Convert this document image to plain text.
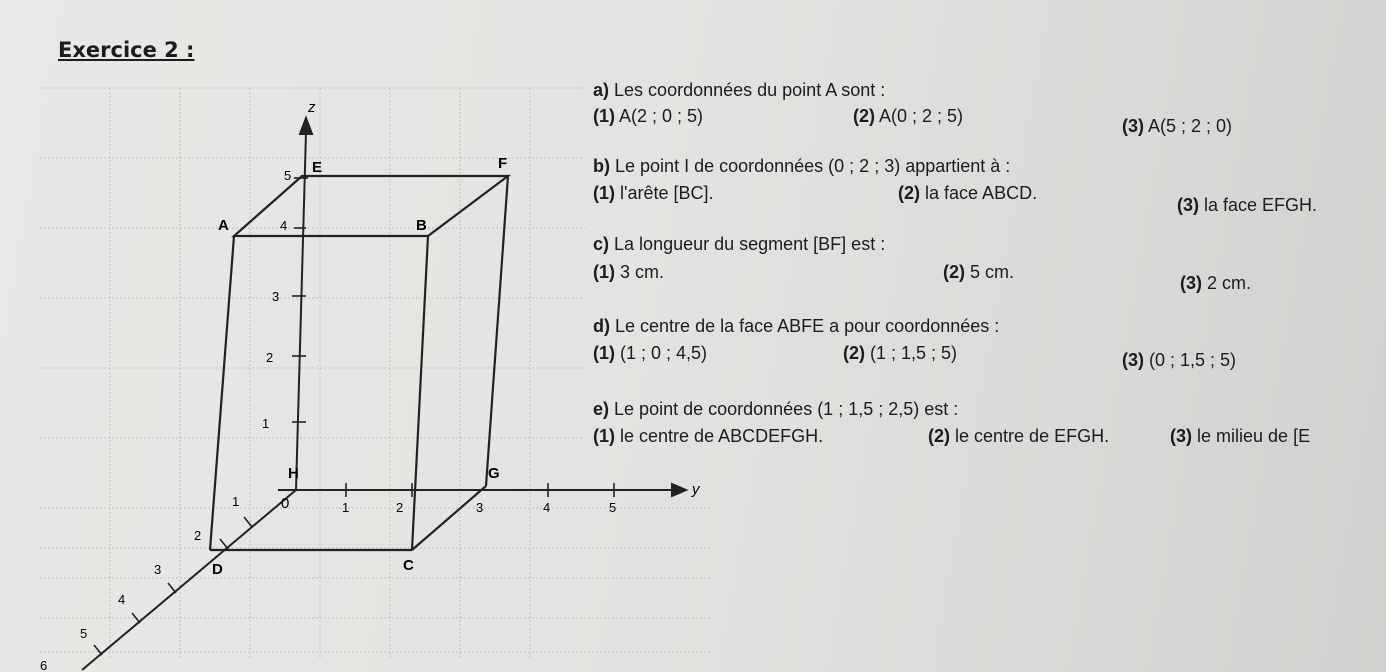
Exercice 2 :
z
y
0
A	B
C
D
E	F
G
H
1	2	3	4	5
1
2
3
4
5
1
2
3
4
5
6
a) Les coordonnées du point A sont :
(1) A(2 ; 0 ; 5)	(2) A(0 ; 2 ; 5)	(3) A(5 ; 2 ; 0)
b) Le point I de coordonnées (0 ; 2 ; 3) appartient à :
(1) l'arête [BC].	(2) la face ABCD.
(3) la face EFGH.
c) La longueur du segment [BF] est :
(1) 3 cm.	(2) 5 cm.
(3) 2 cm.
d) Le centre de la face ABFE a pour coordonnées :
(1) (1 ; 0 ; 4,5)	(2) (1 ; 1,5 ; 5)	(3) (0 ; 1,5 ; 5)
e) Le point de coordonnées (1 ; 1,5 ; 2,5) est :
(1) le centre de ABCDEFGH.	(2) le centre de EFGH.	(3) le milieu de [E
